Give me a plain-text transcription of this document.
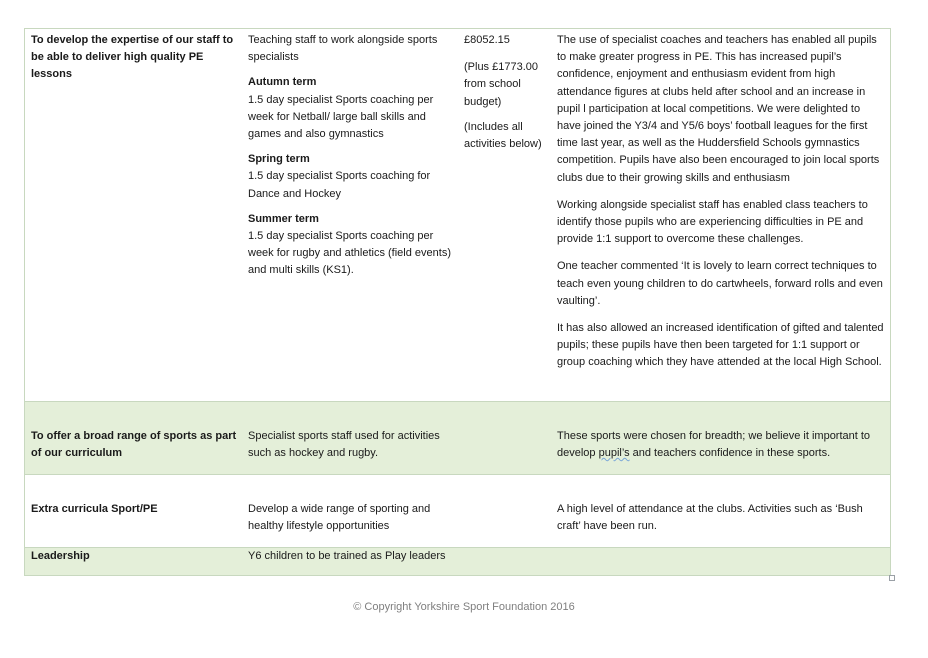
To develop the expertise of our staff to be able to deliver high quality PE lessons

Teaching staff to work alongside sports specialists

Autumn term

1.5 day specialist Sports coaching per week for Netball/ large ball skills and games and also gymnastics

Spring term

1.5 day specialist Sports coaching for Dance and Hockey

Summer term

1.5 day specialist Sports coaching per week for rugby and athletics (field events) and multi skills (KS1).

£8052.15

(Plus £1773.00 from school budget)

(Includes all activities below)

The use of specialist coaches and teachers has enabled all pupils to make greater progress in PE. This has increased pupil’s confidence, enjoyment and enthusiasm evident from high attendance figures at clubs held after school and an increase in pupil l participation at local competitions. We were delighted to have joined the Y3/4 and Y5/6 boys’ football leagues for the first time last year, as well as the Huddersfield Schools gymnastics competition. Pupils have also been encouraged to join local sports clubs due to their growing skills and enthusiasm

Working alongside specialist staff has enabled class teachers to identify those pupils who are experiencing difficulties in PE and provide 1:1 support to overcome these challenges.

One teacher commented ‘It is lovely to learn correct techniques to teach even young children to do cartwheels, forward rolls and even vaulting’.

It has also allowed an increased identification of gifted and talented pupils; these pupils have then been targeted for 1:1 support or group coaching which they have attended at the local High School.

To offer a broad range of sports as part of our curriculum
Specialist sports staff used for activities such as hockey and rugby.
These sports were chosen for breadth; we believe it important to develop pupil’s and teachers confidence in these sports.
Extra curricula Sport/PE	Develop a wide range of sporting and healthy lifestyle opportunities
A high level of attendance at the clubs. Activities such as ‘Bush craft’ have been run.
Leadership	Y6 children to be trained as Play leaders
© Copyright Yorkshire Sport Foundation 2016
